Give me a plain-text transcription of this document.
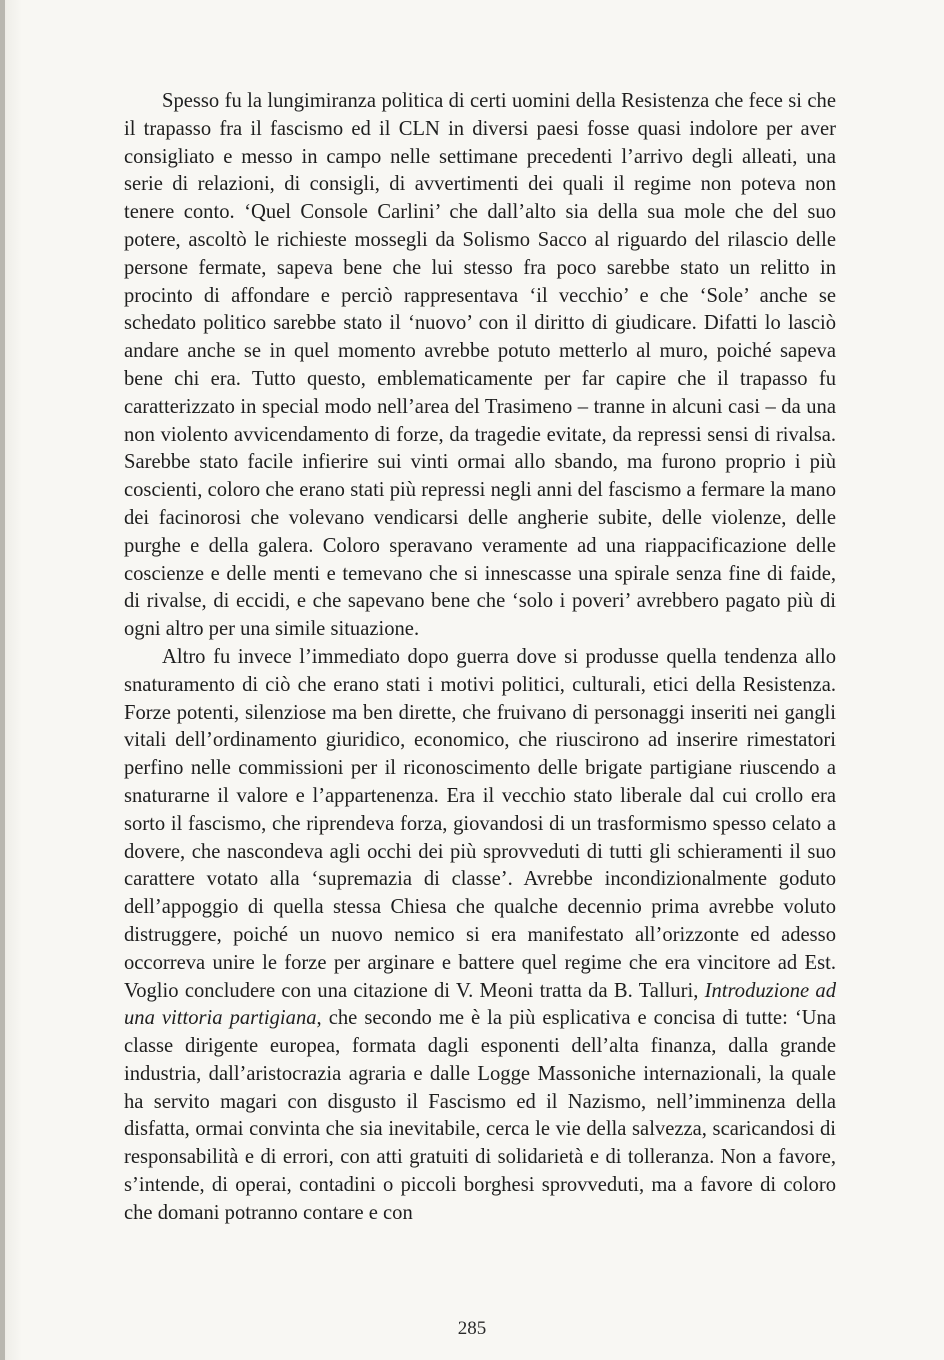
Spesso fu la lungimiranza politica di certi uomini della Resistenza che fece si che il trapasso fra il fascismo ed il CLN in diversi paesi fosse quasi indolore per aver consigliato e messo in campo nelle settimane precedenti l’arrivo degli alleati, una serie di relazioni, di consigli, di avvertimenti dei quali il regime non poteva non tenere conto. ‘Quel Console Carlini’ che dall’alto sia della sua mole che del suo potere, ascoltò le richieste mossegli da Solismo Sacco al riguardo del rilascio delle persone fermate, sapeva bene che lui stesso fra poco sarebbe stato un relitto in procinto di affondare e perciò rappresentava ‘il vecchio’ e che ‘Sole’ anche se schedato politico sarebbe stato il ‘nuovo’ con il diritto di giudicare. Difatti lo lasciò andare anche se in quel momento avrebbe potuto metterlo al muro, poiché sapeva bene chi era. Tutto questo, emblematicamente per far capire che il trapasso fu caratterizzato in special modo nell’area del Trasimeno – tranne in alcuni casi – da una non violento avvicendamento di forze, da tragedie evitate, da repressi sensi di rivalsa. Sarebbe stato facile infierire sui vinti ormai allo sbando, ma furono proprio i più coscienti, coloro che erano stati più repressi negli anni del fascismo a fermare la mano dei facinorosi che volevano vendicarsi delle angherie subite, delle violenze, delle purghe e della galera. Coloro speravano veramente ad una riappacificazione delle coscienze e delle menti e temevano che si innescasse una spirale senza fine di faide, di rivalse, di eccidi, e che sapevano bene che ‘solo i poveri’ avrebbero pagato più di ogni altro per una simile situazione.

Altro fu invece l’immediato dopo guerra dove si produsse quella tendenza allo snaturamento di ciò che erano stati i motivi politici, culturali, etici della Resistenza. Forze potenti, silenziose ma ben dirette, che fruivano di personaggi inseriti nei gangli vitali dell’ordinamento giuridico, economico, che riuscirono ad inserire rimestatori perfino nelle commissioni per il riconoscimento delle brigate partigiane riuscendo a snaturarne il valore e l’appartenenza. Era il vecchio stato liberale dal cui crollo era sorto il fascismo, che riprendeva forza, giovandosi di un trasformismo spesso celato a dovere, che nascondeva agli occhi dei più sprovveduti di tutti gli schieramenti il suo carattere votato alla ‘supremazia di classe’. Avrebbe incondizionalmente goduto dell’appoggio di quella stessa Chiesa che qualche decennio prima avrebbe voluto distruggere, poiché un nuovo nemico si era manifestato all’orizzonte ed adesso occorreva unire le forze per arginare e battere quel regime che era vincitore ad Est. Voglio concludere con una citazione di V. Meoni tratta da B. Talluri, Introduzione ad una vittoria partigiana, che secondo me è la più esplicativa e concisa di tutte: ‘Una classe dirigente europea, formata dagli esponenti dell’alta finanza, dalla grande industria, dall’aristocrazia agraria e dalle Logge Massoniche internazionali, la quale ha servito magari con disgusto il Fascismo ed il Nazismo, nell’imminenza della disfatta, ormai convinta che sia inevitabile, cerca le vie della salvezza, scaricandosi di responsabilità e di errori, con atti gratuiti di solidarietà e di tolleranza. Non a favore, s’intende, di operai, contadini o piccoli borghesi sprovveduti, ma a favore di coloro che domani potranno contare e con

285
